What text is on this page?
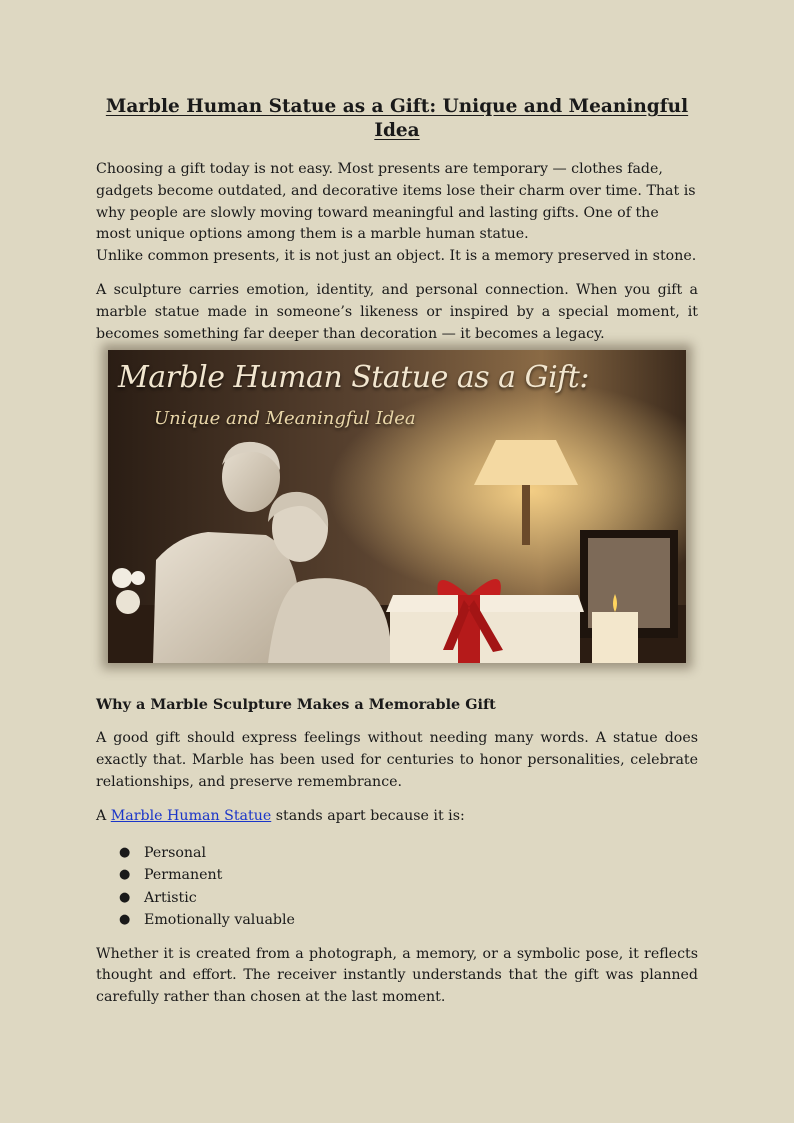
Marble Human Statue as a Gift: Unique and Meaningful Idea

Choosing a gift today is not easy. Most presents are temporary — clothes fade, gadgets become outdated, and decorative items lose their charm over time. That is why people are slowly moving toward meaningful and lasting gifts. One of the most unique options among them is a marble human statue.

Unlike common presents, it is not just an object. It is a memory preserved in stone.

A sculpture carries emotion, identity, and personal connection. When you gift a marble statue made in someone’s likeness or inspired by a special moment, it becomes something far deeper than decoration — it becomes a legacy.

Why a Marble Sculpture Makes a Memorable Gift

A good gift should express feelings without needing many words. A statue does exactly that. Marble has been used for centuries to honor personalities, celebrate relationships, and preserve remembrance.

A Marble Human Statue stands apart because it is:

● Personal
● Permanent
● Artistic
● Emotionally valuable

Whether it is created from a photograph, a memory, or a symbolic pose, it reflects thought and effort. The receiver instantly understands that the gift was planned carefully rather than chosen at the last moment.

Marble Human Statue as a Gift:
Unique and Meaningful Idea
